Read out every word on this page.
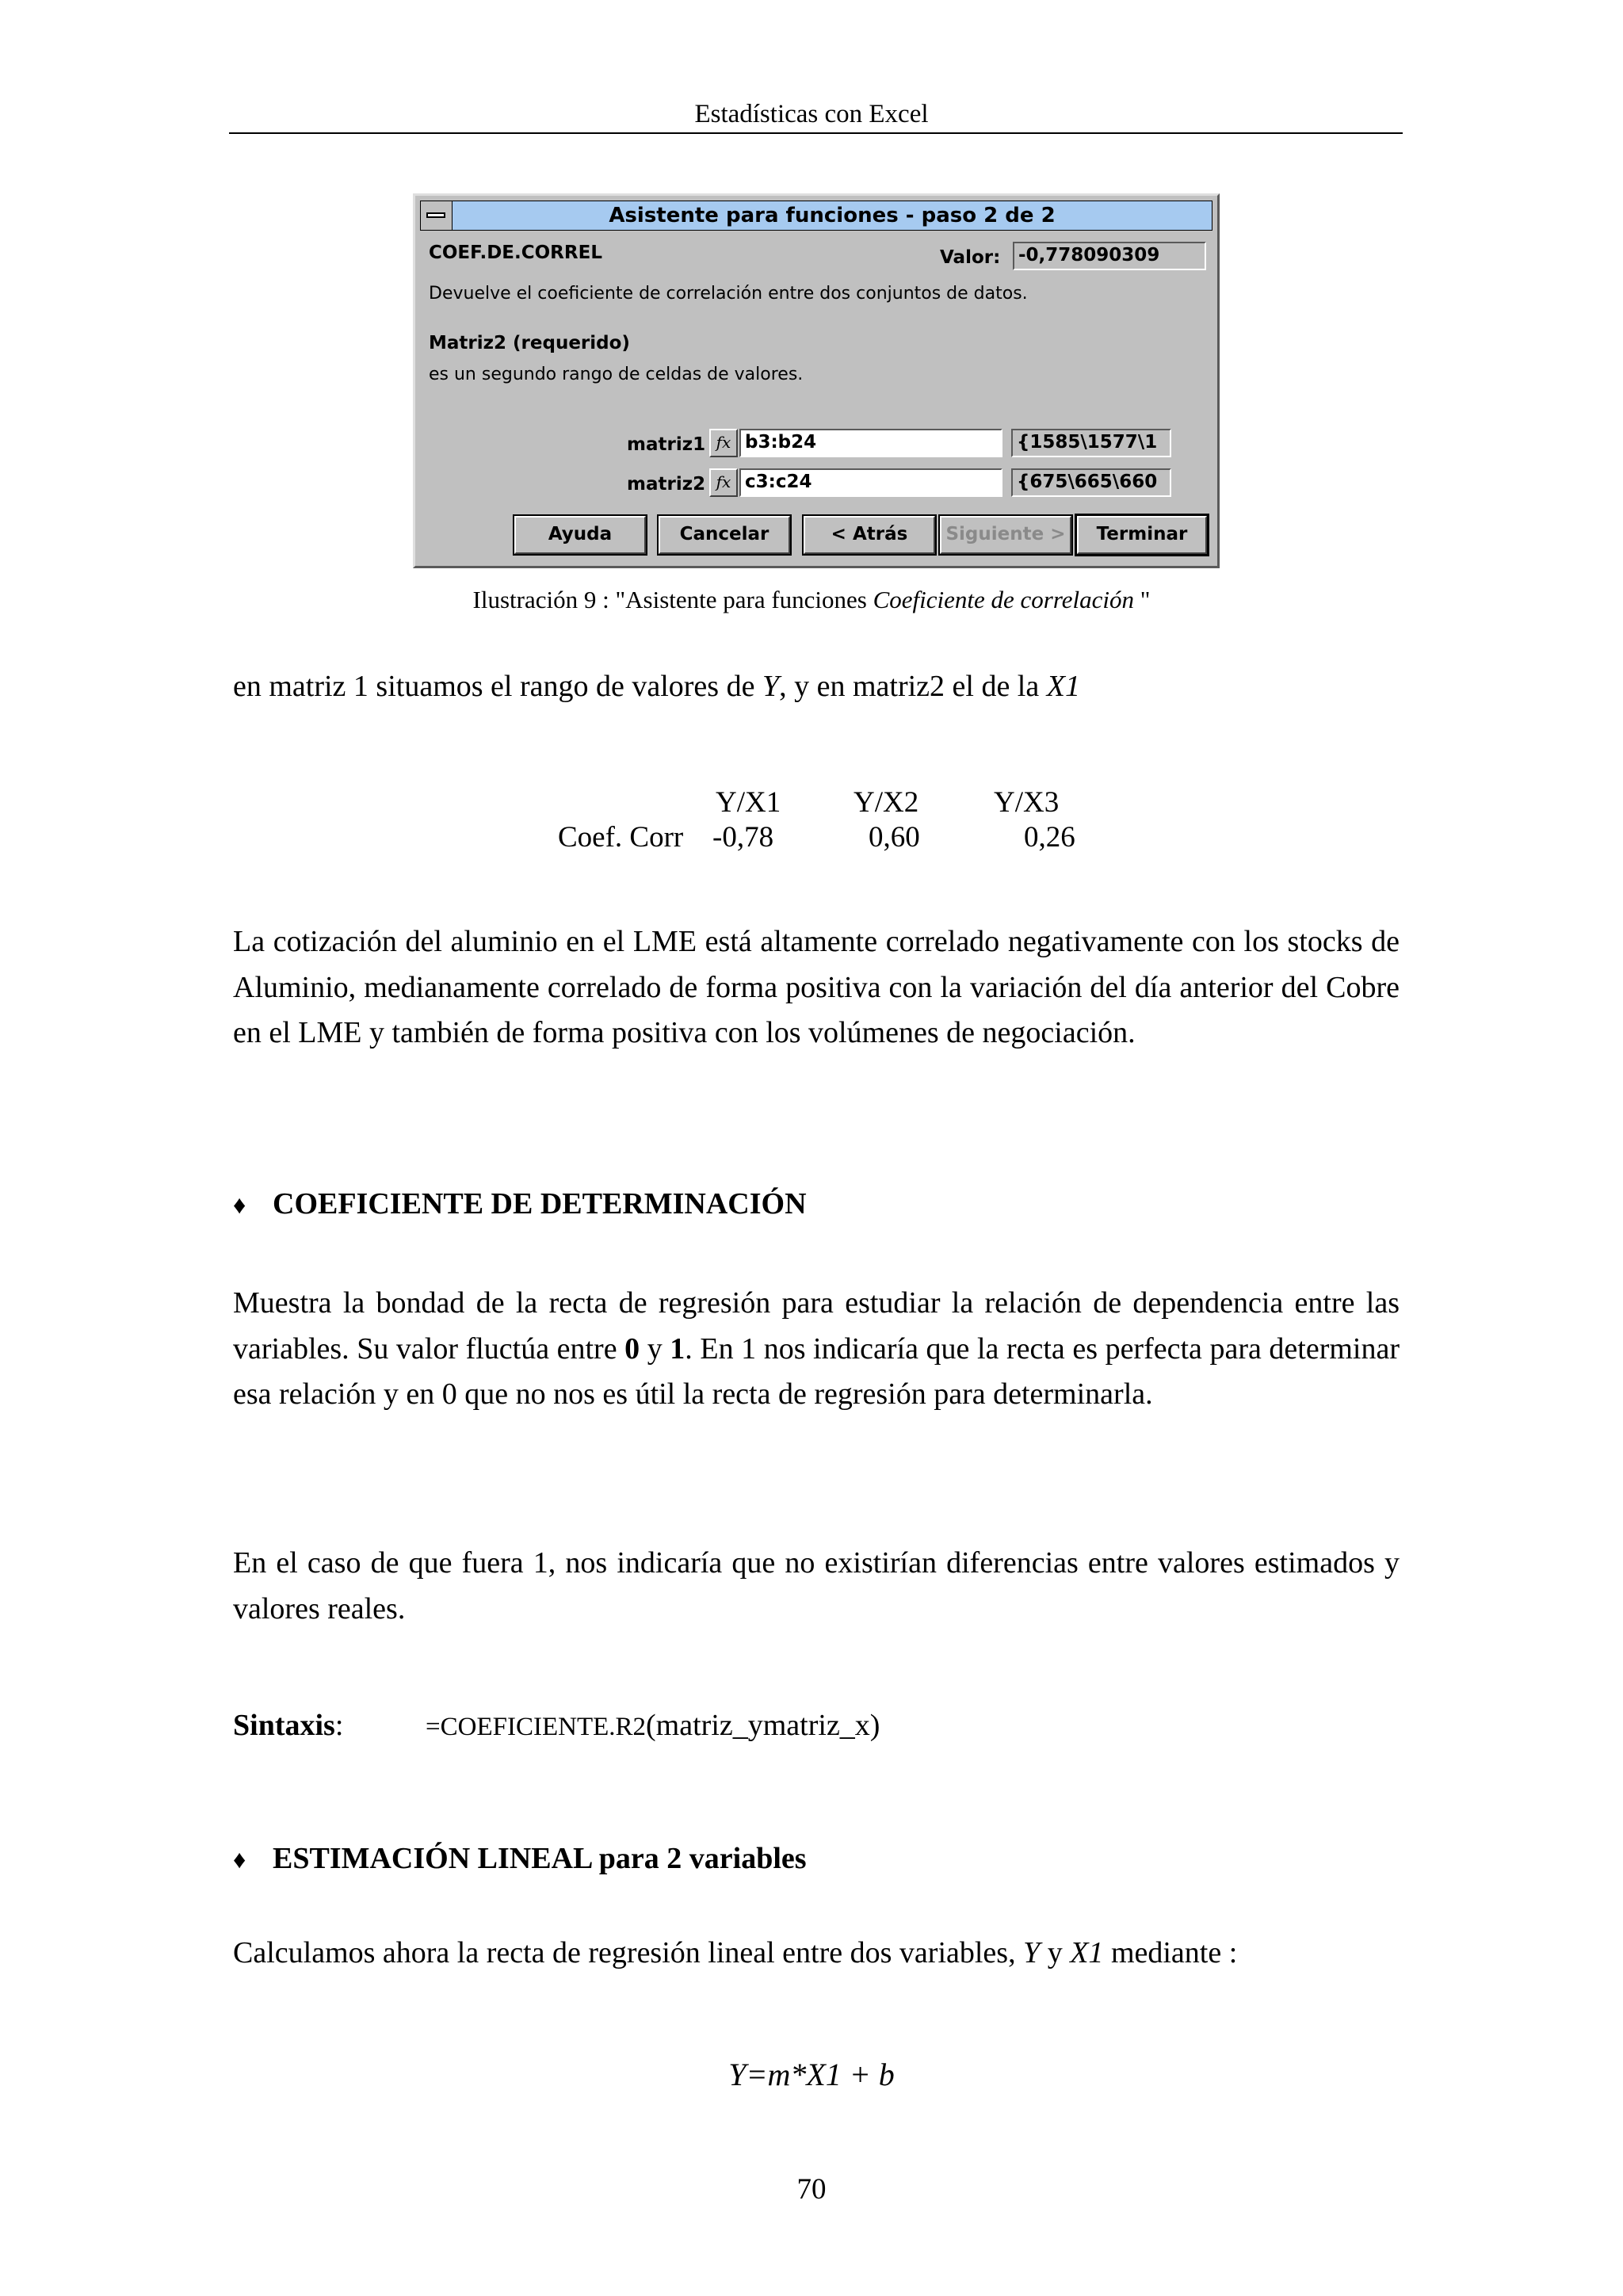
Estadísticas con Excel
Asistente para funciones - paso 2 de 2
COEF.DE.CORREL	Valor: -0,778090309
Devuelve el coeficiente de correlación entre dos conjuntos de datos.
Matriz2 (requerido)
es un segundo rango de celdas de valores.
matriz1 fx b3:b24	{1585\1577\1
matriz2 fx c3:c24	{675\665\660
Ayuda	Cancelar	< Atrás	Siguiente >	Terminar
Ilustración 9 : "Asistente para funciones Coeficiente de correlación "

en matriz 1 situamos el rango de valores de Y, y en matriz2 el de la X1

Y/X1 Y/X2	Y/X3
Coef. Corr -0,78	0,60	0,26

La cotización del aluminio en el LME está altamente correlado negativamente con los stocks de Aluminio, medianamente correlado de forma positiva con la variación del día anterior del Cobre en el LME y también de forma positiva con los volúmenes de negociación.

♦ COEFICIENTE DE DETERMINACIÓN

Muestra la bondad de la recta de regresión para estudiar la relación de dependencia entre las variables. Su valor fluctúa entre 0 y 1. En 1 nos indicaría que la recta es perfecta para determinar esa relación y en 0 que no nos es útil la recta de regresión para determinarla.

En el caso de que fuera 1, nos indicaría que no existirían diferencias entre valores estimados y valores reales.

Sintaxis:	=COEFICIENTE.R2(matriz_ymatriz_x)
♦ ESTIMACIÓN LINEAL para 2 variables

Calculamos ahora la recta de regresión lineal entre dos variables, Y y X1 mediante :

Y=m*X1 + b
70
